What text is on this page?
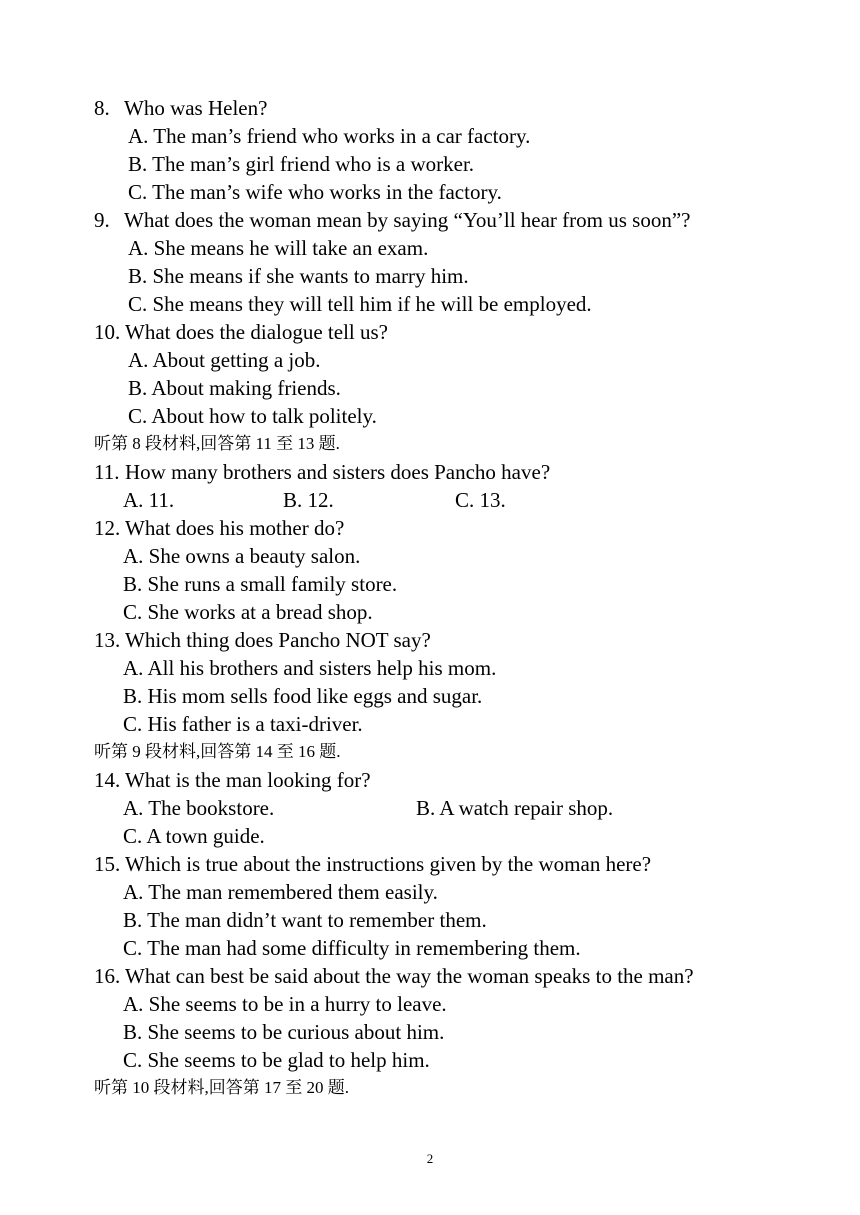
8. Who was Helen?
A. The man’s friend who works in a car factory.
B. The man’s girl friend who is a worker.
C. The man’s wife who works in the factory.
9. What does the woman mean by saying “You’ll hear from us soon”?
A. She means he will take an exam.
B. She means if she wants to marry him.
C. She means they will tell him if he will be employed.
10. What does the dialogue tell us?
A. About getting a job.
B. About making friends.
C. About how to talk politely.
听第 8 段材料,回答第 11 至 13 题.
11. How many brothers and sisters does Pancho have?
A. 11.	B. 12.	C. 13.
12. What does his mother do?
A. She owns a beauty salon.
B. She runs a small family store.
C. She works at a bread shop.
13. Which thing does Pancho NOT say?
A. All his brothers and sisters help his mom.
B. His mom sells food like eggs and sugar.
C. His father is a taxi-driver.
听第 9 段材料,回答第 14 至 16 题.
14. What is the man looking for?
A. The bookstore.	B. A watch repair shop.
C. A town guide.
15. Which is true about the instructions given by the woman here?
A. The man remembered them easily.
B. The man didn’t want to remember them.
C. The man had some difficulty in remembering them.
16. What can best be said about the way the woman speaks to the man?
A. She seems to be in a hurry to leave.
B. She seems to be curious about him.
C. She seems to be glad to help him.
听第 10 段材料,回答第 17 至 20 题.
2
